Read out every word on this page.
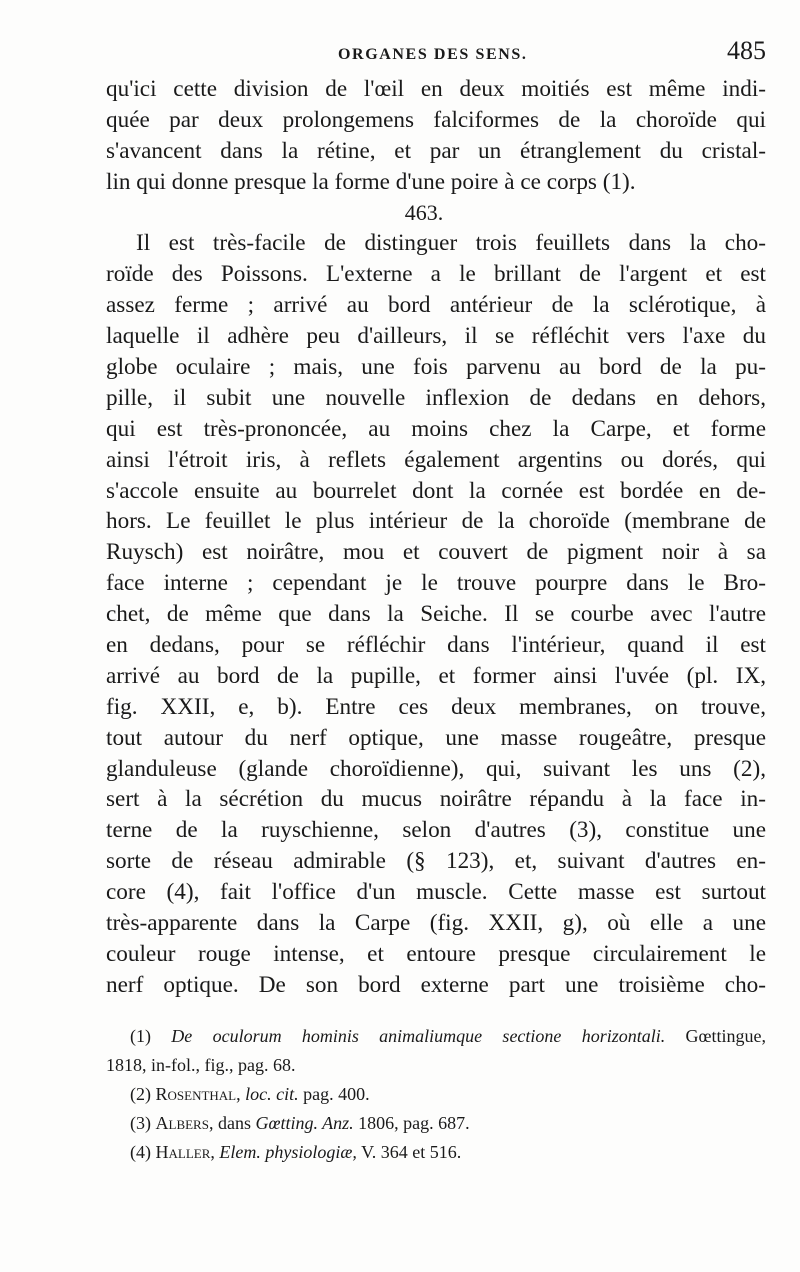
ORGANES DES SENS.	485
qu'ici cette division de l'œil en deux moitiés est même indi-
quée par deux prolongemens falciformes de la choroïde qui
s'avancent dans la rétine, et par un étranglement du cristal-
lin qui donne presque la forme d'une poire à ce corps (1).
463.
Il est très-facile de distinguer trois feuillets dans la cho-
roïde des Poissons. L'externe a le brillant de l'argent et est
assez ferme ; arrivé au bord antérieur de la sclérotique, à
laquelle il adhère peu d'ailleurs, il se réfléchit vers l'axe du
globe oculaire ; mais, une fois parvenu au bord de la pu-
pille, il subit une nouvelle inflexion de dedans en dehors,
qui est très-prononcée, au moins chez la Carpe, et forme
ainsi l'étroit iris, à reflets également argentins ou dorés, qui
s'accole ensuite au bourrelet dont la cornée est bordée en de-
hors. Le feuillet le plus intérieur de la choroïde (membrane de
Ruysch) est noirâtre, mou et couvert de pigment noir à sa
face interne ; cependant je le trouve pourpre dans le Bro-
chet, de même que dans la Seiche. Il se courbe avec l'autre
en dedans, pour se réfléchir dans l'intérieur, quand il est
arrivé au bord de la pupille, et former ainsi l'uvée (pl. IX,
fig. XXII, e, b). Entre ces deux membranes, on trouve,
tout autour du nerf optique, une masse rougeâtre, presque
glanduleuse (glande choroïdienne), qui, suivant les uns (2),
sert à la sécrétion du mucus noirâtre répandu à la face in-
terne de la ruyschienne, selon d'autres (3), constitue une
sorte de réseau admirable (§ 123), et, suivant d'autres en-
core (4), fait l'office d'un muscle. Cette masse est surtout
très-apparente dans la Carpe (fig. XXII, g), où elle a une
couleur rouge intense, et entoure presque circulairement le
nerf optique. De son bord externe part une troisième cho-
(1) De oculorum hominis animaliumque sectione horizontali. Gœttingue,
1818, in-fol., fig., pag. 68.
(2) Rosenthal, loc. cit. pag. 400.
(3) Albers, dans Gœtting. Anz. 1806, pag. 687.
(4) Haller, Elem. physiologiæ, V. 364 et 516.
